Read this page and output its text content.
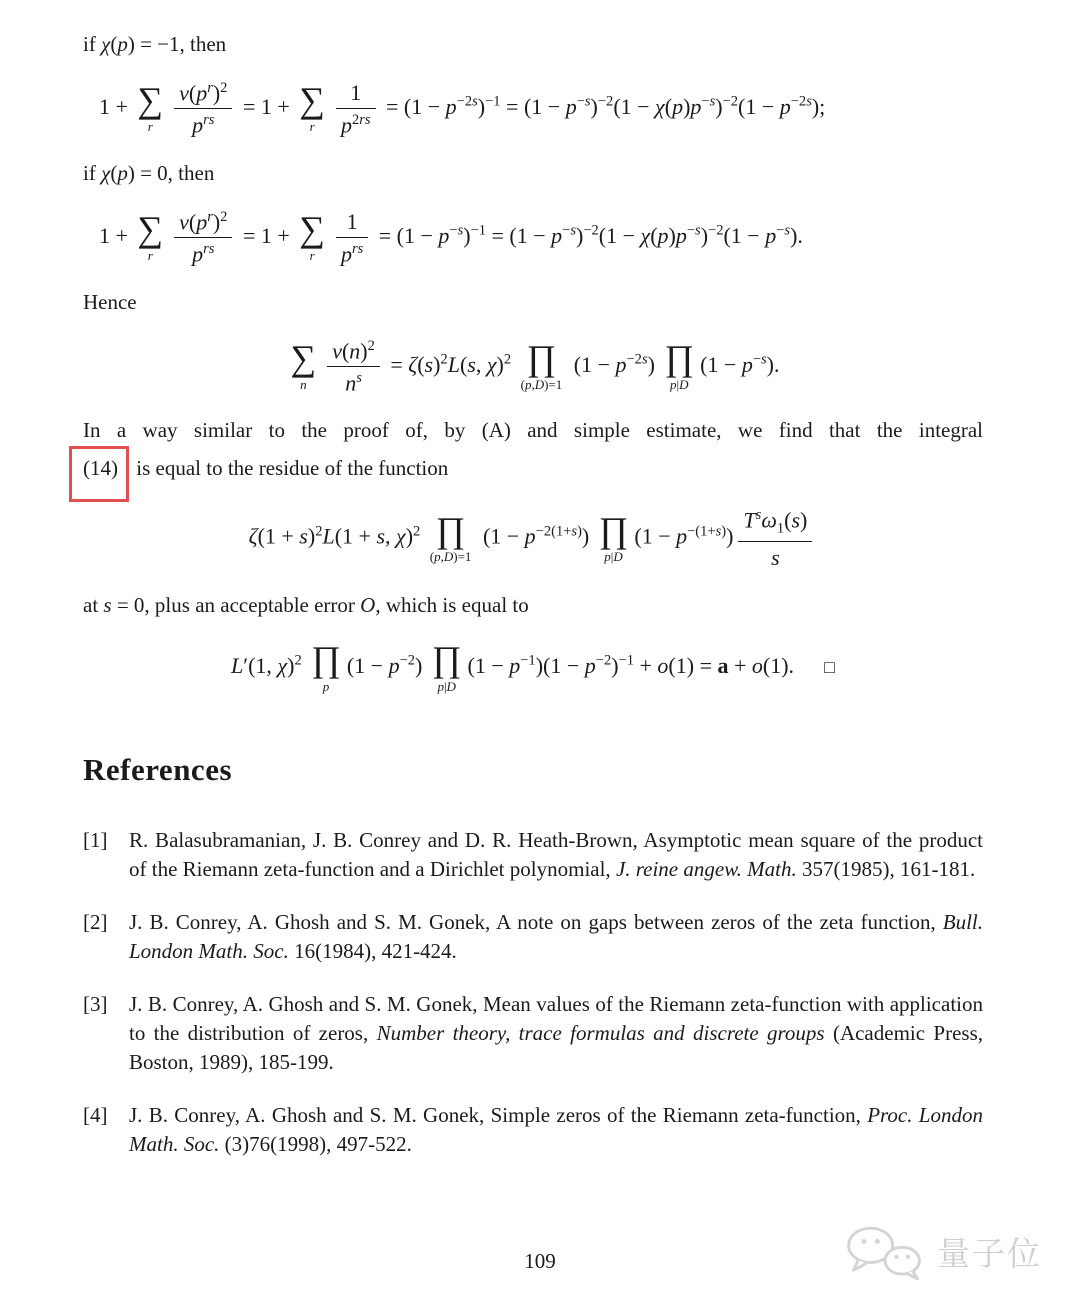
if χ(p) = −1, then

1 + ∑
r $\frac{\nu(p^r)^2}{p^{rs}} = 1$ + ∑
r $\frac{1}{p^{2rs}} = (1 - p^{-2s})^{-1} = (1 - p^{-s})^{-2}(1 - \chi(p)p^{-s})^{-2}(1 - p^{-2s})$;

if χ(p) = 0, then

1 + ∑
r $\frac{\nu(p^r)^2}{p^{rs}} = 1$ + ∑
r $\frac{1}{p^{rs}} = (1 - p^{-s})^{-1} = (1 - p^{-s})^{-2}(1 - \chi(p)p^{-s})^{-2}(1 - p^{-s})$.

Hence

∑
n $\frac{\nu(n)^2}{n^s} = \zeta(s)^2L(s$, χ)$^2$ ∏
(p,D)=1
$(1 - p^{-2s})$ ∏
p|D
$(1 - p^{-s})$.

In a way similar to the proof of, by (A) and simple estimate, we find that the integral

(14) is equal to the residue of the function

$\zeta(1 + s)^2L(1 + s$, χ)$^2$ ∏
(p,D)=1
$(1 - p^{-2(1+s)})$ ∏
p|D
$(1 - p^{-(1+s)}) \frac{T^s\omega_1(s)}{s}$

at s = 0, plus an acceptable error O, which is equal to

L′(1, χ)$^2$ ∏
p
$(1 - p^{-2})$ ∏
p|D
$(1 - p^{-1})(1 - p^{-2})^{-1} + o(1) = a + o(1)$. □
References
[1] R. Balasubramanian, J. B. Conrey and D. R. Heath-Brown, Asymptotic mean square of the product of the Riemann zeta-function and a Dirichlet polynomial, J. reine angew. Math. 357(1985), 161-181.
[2] J. B. Conrey, A. Ghosh and S. M. Gonek, A note on gaps between zeros of the zeta function, Bull. London Math. Soc. 16(1984), 421-424.
[3] J. B. Conrey, A. Ghosh and S. M. Gonek, Mean values of the Riemann zeta-function with application to the distribution of zeros, Number theory, trace formulas and discrete groups (Academic Press, Boston, 1989), 185-199.
[4] J. B. Conrey, A. Ghosh and S. M. Gonek, Simple zeros of the Riemann zeta-function, Proc. London Math. Soc. (3)76(1998), 497-522.
109	量子位
